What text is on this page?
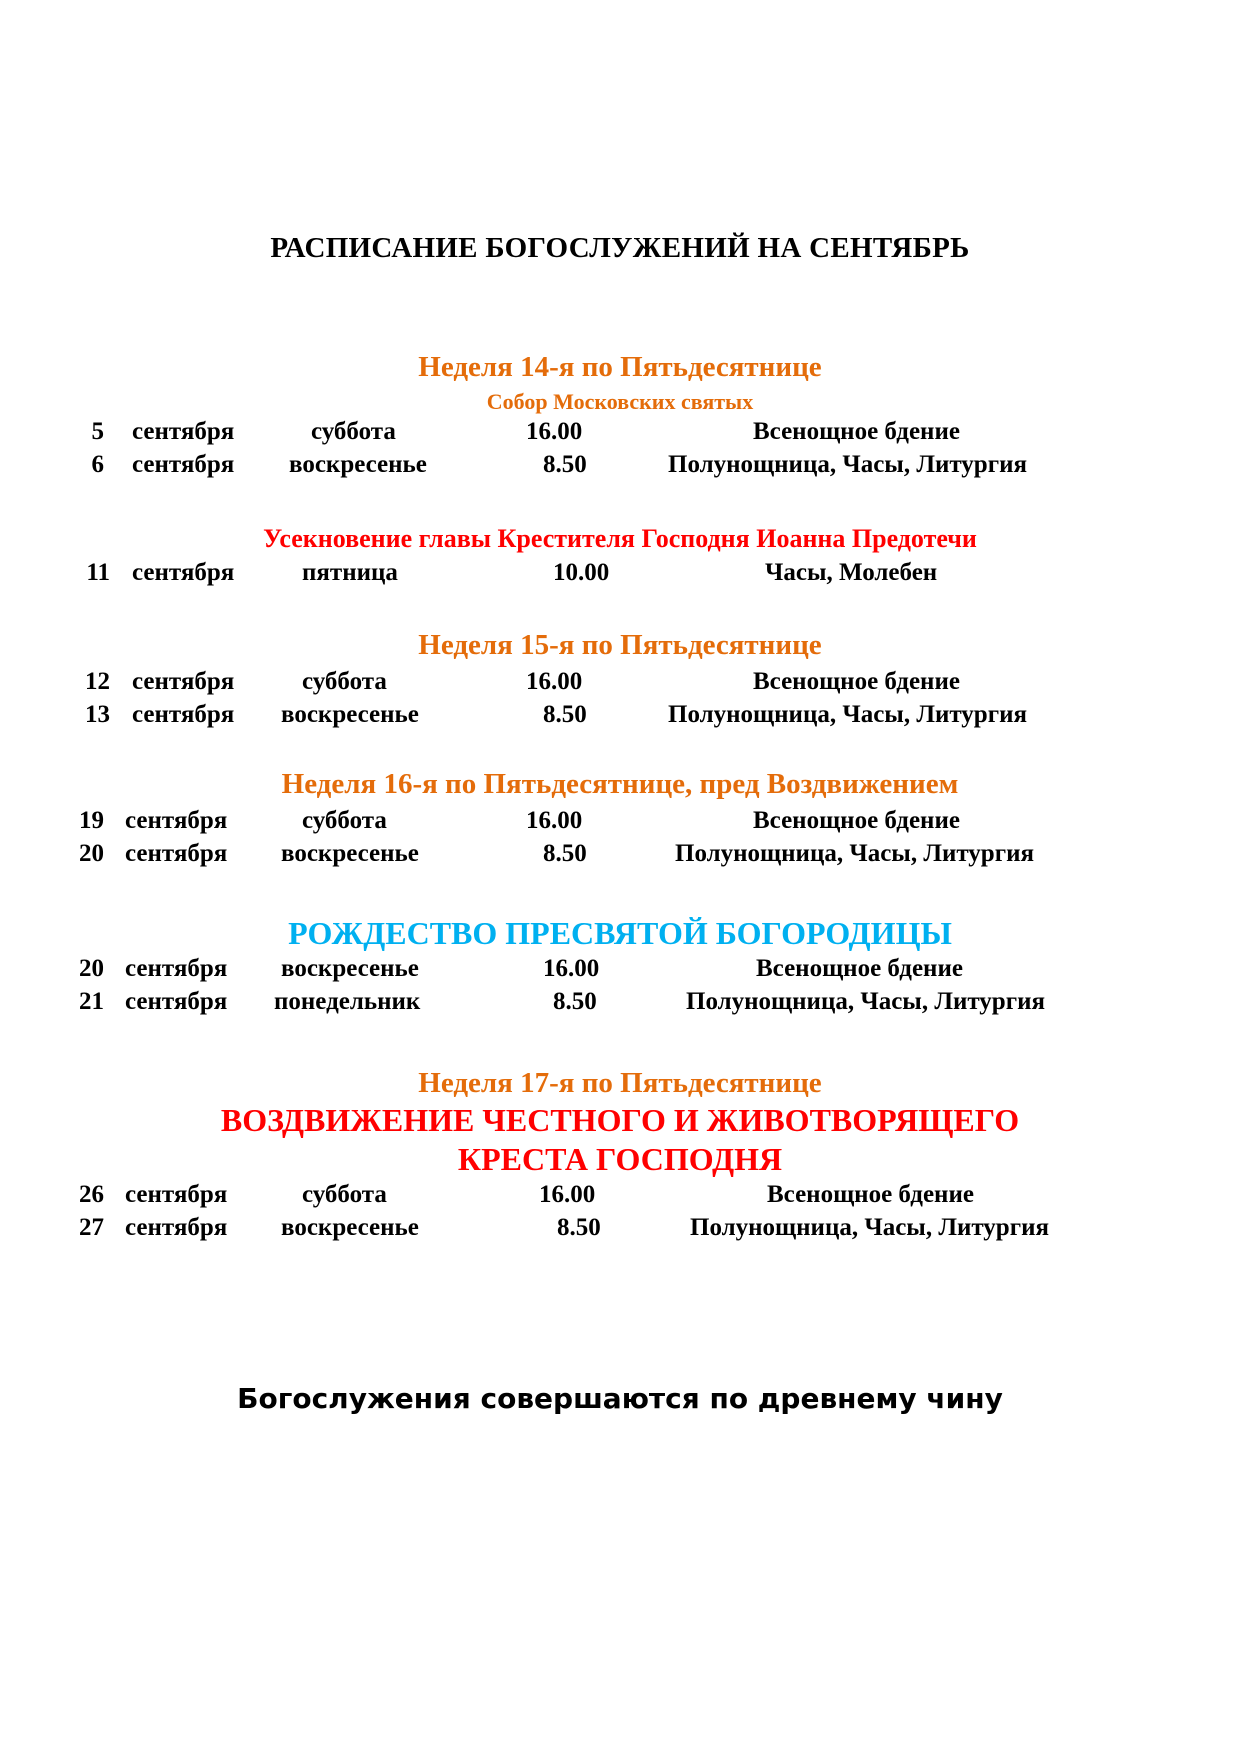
РАСПИСАНИЕ БОГОСЛУЖЕНИЙ НА СЕНТЯБРЬ
Неделя 14-я по Пятьдесятнице
Собор Московских святых
5 сентября	суббота	16.00	Всенощное бдение
6 сентября воскресенье	8.50	Полунощница, Часы, Литургия
Усекновение главы Крестителя Господня Иоанна Предотечи
11 сентября	пятница	10.00	Часы, Молебен
Неделя 15-я по Пятьдесятнице
12 сентября	суббота	16.00	Всенощное бдение
13 сентября воскресенье	8.50	Полунощница, Часы, Литургия
Неделя 16-я по Пятьдесятнице, пред Воздвижением
19 сентября	суббота	16.00	Всенощное бдение
20 сентября воскресенье	8.50	Полунощница, Часы, Литургия
РОЖДЕСТВО ПРЕСВЯТОЙ БОГОРОДИЦЫ
20 сентября воскресенье	16.00	Всенощное бдение
21 сентября понедельник	8.50	Полунощница, Часы, Литургия
Неделя 17-я по Пятьдесятнице
ВОЗДВИЖЕНИЕ ЧЕСТНОГО И ЖИВОТВОРЯЩЕГО
КРЕСТА ГОСПОДНЯ
26 сентября	суббота	16.00	Всенощное бдение
27 сентября воскресенье	8.50	Полунощница, Часы, Литургия
Богослужения совершаются по древнему чину
